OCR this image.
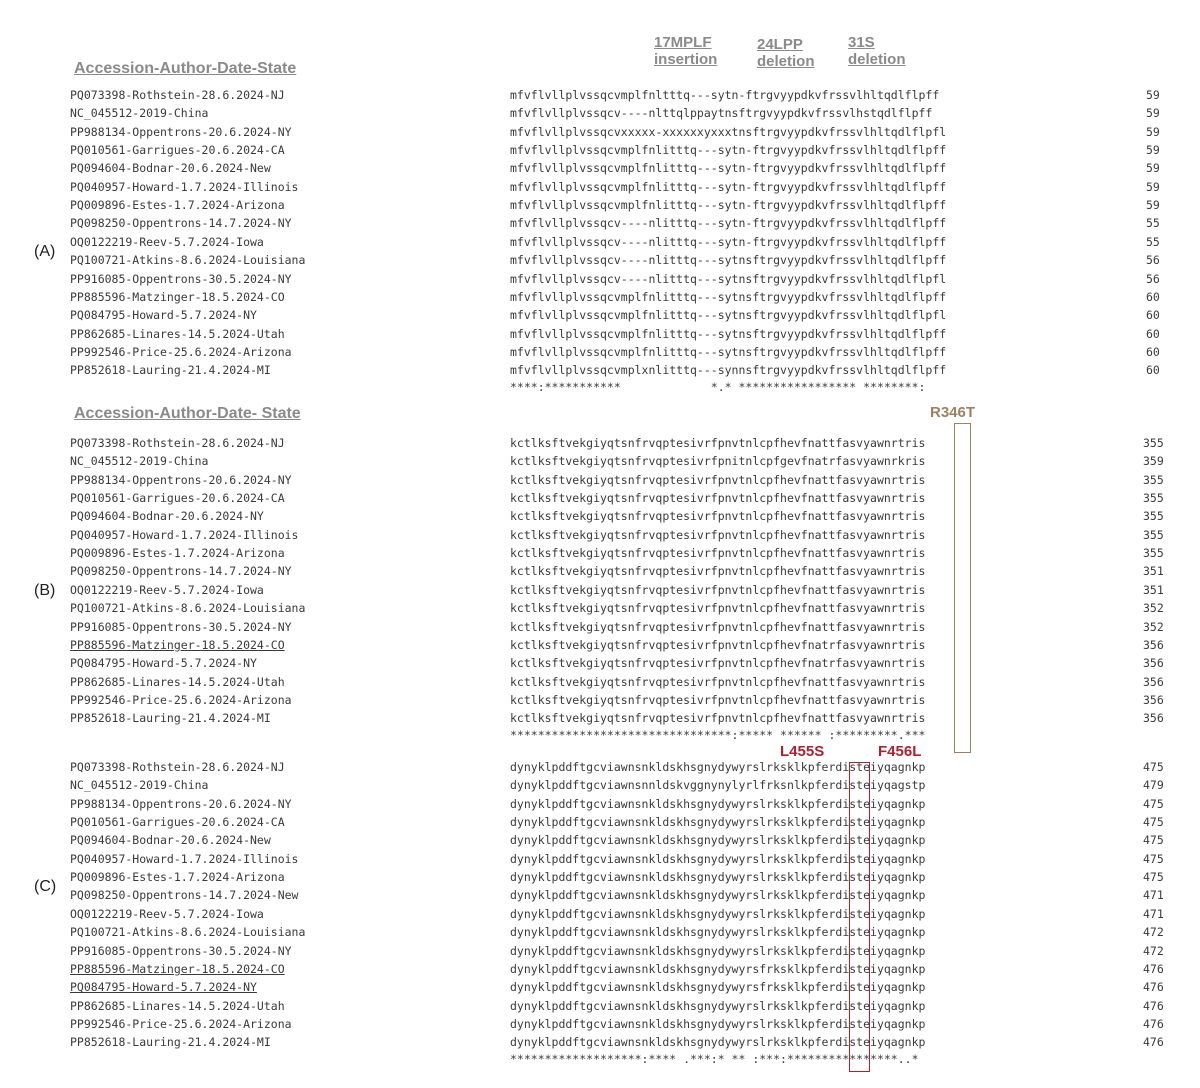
Accession-Author-Date-State
17MPLF
insertion
24LPP
deletion
31S
deletion
(A)
PQ073398-Rothstein-28.6.2024-NJ	mfvflvllplvssqcvmplfnltttq---sytn-ftrgvyypdkvfrssvlhltqdlflpff	59
NC_045512-2019-China	mfvflvllplvssqcv----nlttqlppaytnsftrgvyypdkvfrssvlhstqdlflpff	59
PP988134-Oppentrons-20.6.2024-NY	mfvflvllplvssqcvxxxxx-xxxxxxyxxxtnsftrgvyypdkvfrssvlhltqdlflpfl	59
PQ010561-Garrigues-20.6.2024-CA	mfvflvllplvssqcvmplfnlitttq---sytn-ftrgvyypdkvfrssvlhltqdlflpff	59
PQ094604-Bodnar-20.6.2024-New	mfvflvllplvssqcvmplfnlitttq---sytn-ftrgvyypdkvfrssvlhltqdlflpff	59
PQ040957-Howard-1.7.2024-Illinois	mfvflvllplvssqcvmplfnlitttq---sytn-ftrgvyypdkvfrssvlhltqdlflpff	59
PQ009896-Estes-1.7.2024-Arizona	mfvflvllplvssqcvmplfnlitttq---sytn-ftrgvyypdkvfrssvlhltqdlflpff	59
PQ098250-Oppentrons-14.7.2024-NY	mfvflvllplvssqcv----nlitttq---sytn-ftrgvyypdkvfrssvlhltqdlflpff	55
OQ0122219-Reev-5.7.2024-Iowa	mfvflvllplvssqcv----nlitttq---sytn-ftrgvyypdkvfrssvlhltqdlflpff	55
PQ100721-Atkins-8.6.2024-Louisiana	mfvflvllplvssqcv----nlitttq---sytnsftrgvyypdkvfrssvlhltqdlflpff	56
PP916085-Oppentrons-30.5.2024-NY	mfvflvllplvssqcv----nlitttq---sytnsftrgvyypdkvfrssvlhltqdlflpfl	56
PP885596-Matzinger-18.5.2024-CO	mfvflvllplvssqcvmplfnlitttq---sytnsftrgvyypdkvfrssvlhltqdlflpff	60
PQ084795-Howard-5.7.2024-NY	mfvflvllplvssqcvmplfnlitttq---sytnsftrgvyypdkvfrssvlhltqdlflpfl	60
PP862685-Linares-14.5.2024-Utah	mfvflvllplvssqcvmplfnlitttq---sytnsftrgvyypdkvfrssvlhltqdlflpff	60
PP992546-Price-25.6.2024-Arizona	mfvflvllplvssqcvmplfnlitttq---sytnsftrgvyypdkvfrssvlhltqdlflpff	60
PP852618-Lauring-21.4.2024-MI	mfvflvllplvssqcvmplxnlitttq---synnsftrgvyypdkvfrssvlhltqdlflpff	60
****:***********             *.* ***************** ********:
Accession-Author-Date- State	R346T
(B)
PQ073398-Rothstein-28.6.2024-NJ	kctlksftvekgiyqtsnfrvqptesivrfpnvtnlcpfhevfnattfasvyawnrtris	355
NC_045512-2019-China	kctlksftvekgiyqtsnfrvqptesivrfpnitnlcpfgevfnatrfasvyawnrkris	359
PP988134-Oppentrons-20.6.2024-NY	kctlksftvekgiyqtsnfrvqptesivrfpnvtnlcpfhevfnattfasvyawnrtris	355
PQ010561-Garrigues-20.6.2024-CA	kctlksftvekgiyqtsnfrvqptesivrfpnvtnlcpfhevfnattfasvyawnrtris	355
PQ094604-Bodnar-20.6.2024-NY	kctlksftvekgiyqtsnfrvqptesivrfpnvtnlcpfhevfnattfasvyawnrtris	355
PQ040957-Howard-1.7.2024-Illinois	kctlksftvekgiyqtsnfrvqptesivrfpnvtnlcpfhevfnattfasvyawnrtris	355
PQ009896-Estes-1.7.2024-Arizona	kctlksftvekgiyqtsnfrvqptesivrfpnvtnlcpfhevfnattfasvyawnrtris	355
PQ098250-Oppentrons-14.7.2024-NY	kctlksftvekgiyqtsnfrvqptesivrfpnvtnlcpfhevfnattfasvyawnrtris	351
OQ0122219-Reev-5.7.2024-Iowa	kctlksftvekgiyqtsnfrvqptesivrfpnvtnlcpfhevfnattfasvyawnrtris	351
PQ100721-Atkins-8.6.2024-Louisiana	kctlksftvekgiyqtsnfrvqptesivrfpnvtnlcpfhevfnattfasvyawnrtris	352
PP916085-Oppentrons-30.5.2024-NY	kctlksftvekgiyqtsnfrvqptesivrfpnvtnlcpfhevfnattfasvyawnrtris	352
PP885596-Matzinger-18.5.2024-CO	kctlksftvekgiyqtsnfrvqptesivrfpnvtnlcpfhevfnatrfasvyawnrtris	356
PQ084795-Howard-5.7.2024-NY	kctlksftvekgiyqtsnfrvqptesivrfpnvtnlcpfhevfnatrfasvyawnrtris	356
PP862685-Linares-14.5.2024-Utah	kctlksftvekgiyqtsnfrvqptesivrfpnvtnlcpfhevfnattfasvyawnrtris	356
PP992546-Price-25.6.2024-Arizona	kctlksftvekgiyqtsnfrvqptesivrfpnvtnlcpfhevfnattfasvyawnrtris	356
PP852618-Lauring-21.4.2024-MI	kctlksftvekgiyqtsnfrvqptesivrfpnvtnlcpfhevfnattfasvyawnrtris	356
********************************:***** ****** :*********.***
L455S	F456L
(C)
PQ073398-Rothstein-28.6.2024-NJ	dynyklpddftgcviawnsnkldskhsgnydywyrslrksklkpferdisteiyqagnkp	475
NC_045512-2019-China	dynyklpddftgcviawnsnnldskvggnynylyrlfrksnlkpferdisteiyqagstp	479
PP988134-Oppentrons-20.6.2024-NY	dynyklpddftgcviawnsnkldskhsgnydywyrslrksklkpferdisteiyqagnkp	475
PQ010561-Garrigues-20.6.2024-CA	dynyklpddftgcviawnsnkldskhsgnydywyrslrksklkpferdisteiyqagnkp	475
PQ094604-Bodnar-20.6.2024-New	dynyklpddftgcviawnsnkldskhsgnydywyrslrksklkpferdisteiyqagnkp	475
PQ040957-Howard-1.7.2024-Illinois	dynyklpddftgcviawnsnkldskhsgnydywyrslrksklkpferdisteiyqagnkp	475
PQ009896-Estes-1.7.2024-Arizona	dynyklpddftgcviawnsnkldskhsgnydywyrslrksklkpferdisteiyqagnkp	475
PQ098250-Oppentrons-14.7.2024-New	dynyklpddftgcviawnsnkldskhsgnydywyrslrksklkpferdisteiyqagnkp	471
OQ0122219-Reev-5.7.2024-Iowa	dynyklpddftgcviawnsnkldskhsgnydywyrslrksklkpferdisteiyqagnkp	471
PQ100721-Atkins-8.6.2024-Louisiana	dynyklpddftgcviawnsnkldskhsgnydywyrslrksklkpferdisteiyqagnkp	472
PP916085-Oppentrons-30.5.2024-NY	dynyklpddftgcviawnsnkldskhsgnydywyrslrksklkpferdisteiyqagnkp	472
PP885596-Matzinger-18.5.2024-CO	dynyklpddftgcviawnsnkldskhsgnydywyrsfrksklkpferdisteiyqagnkp	476
PQ084795-Howard-5.7.2024-NY	dynyklpddftgcviawnsnkldskhsgnydywyrsfrksklkpferdisteiyqagnkp	476
PP862685-Linares-14.5.2024-Utah	dynyklpddftgcviawnsnkldskhsgnydywyrslrksklkpferdisteiyqagnkp	476
PP992546-Price-25.6.2024-Arizona	dynyklpddftgcviawnsnkldskhsgnydywyrslrksklkpferdisteiyqagnkp	476
PP852618-Lauring-21.4.2024-MI	dynyklpddftgcviawnsnkldskhsgnydywyrslrksklkpferdisteiyqagnkp	476
*******************:**** .***:* ** :***:****************..*
